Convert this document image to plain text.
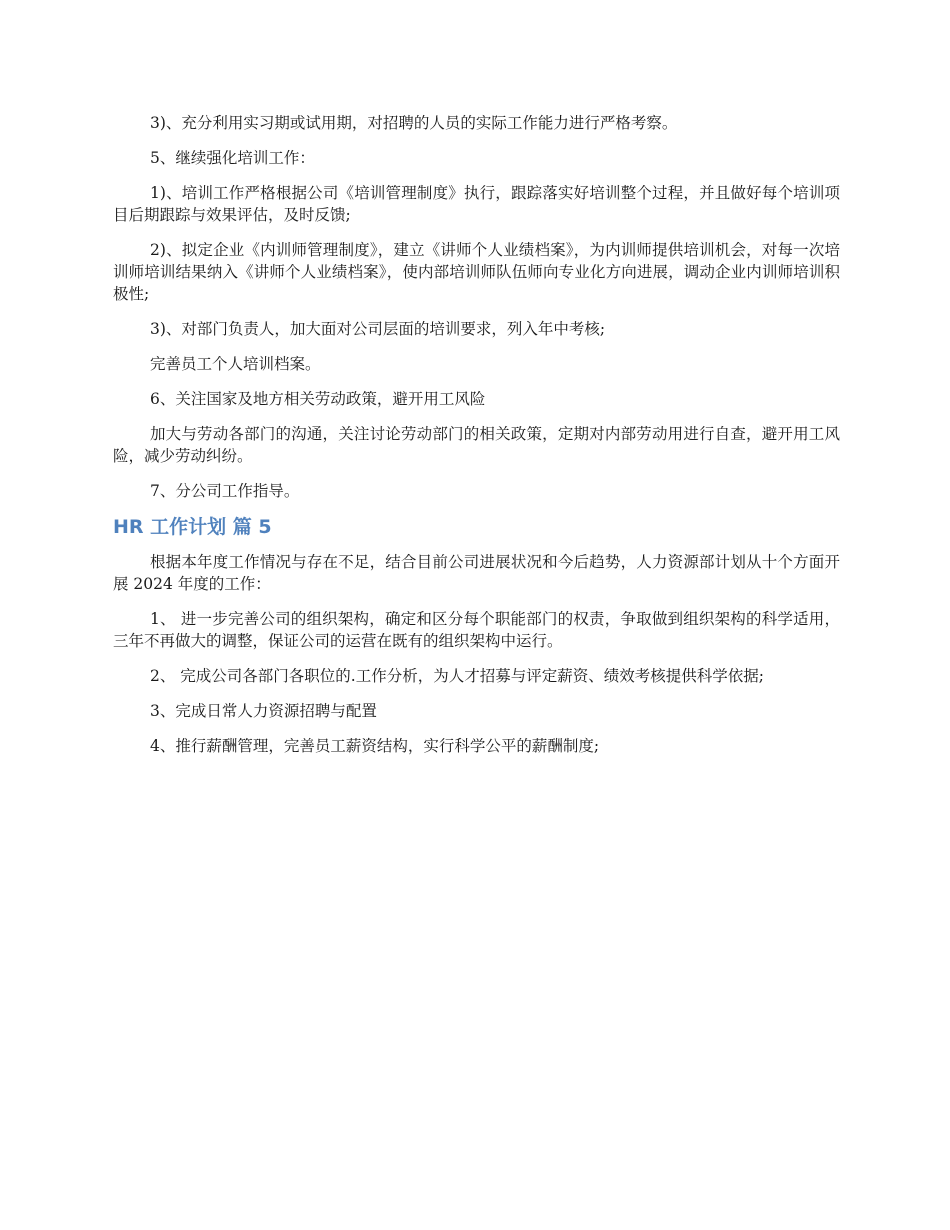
3)、充分利用实习期或试用期，对招聘的人员的实际工作能力进行严格考察。

5、继续强化培训工作：

1)、培训工作严格根据公司《培训管理制度》执行，跟踪落实好培训整个过程，并且做好每个培训项目后期跟踪与效果评估，及时反馈;

2)、拟定企业《内训师管理制度》，建立《讲师个人业绩档案》，为内训师提供培训机会，对每一次培训师培训结果纳入《讲师个人业绩档案》，使内部培训师队伍师向专业化方向进展，调动企业内训师培训积极性;

3)、对部门负责人，加大面对公司层面的培训要求，列入年中考核;

完善员工个人培训档案。

6、关注国家及地方相关劳动政策，避开用工风险

加大与劳动各部门的沟通，关注讨论劳动部门的相关政策，定期对内部劳动用进行自查，避开用工风险，减少劳动纠纷。

7、分公司工作指导。

HR 工作计划 篇 5

根据本年度工作情况与存在不足，结合目前公司进展状况和今后趋势，人力资源部计划从十个方面开展 2024 年度的工作：

1、 进一步完善公司的组织架构，确定和区分每个职能部门的权责，争取做到组织架构的科学适用，三年不再做大的调整，保证公司的运营在既有的组织架构中运行。

2、 完成公司各部门各职位的.工作分析，为人才招募与评定薪资、绩效考核提供科学依据;

3、完成日常人力资源招聘与配置

4、推行薪酬管理，完善员工薪资结构，实行科学公平的薪酬制度;
